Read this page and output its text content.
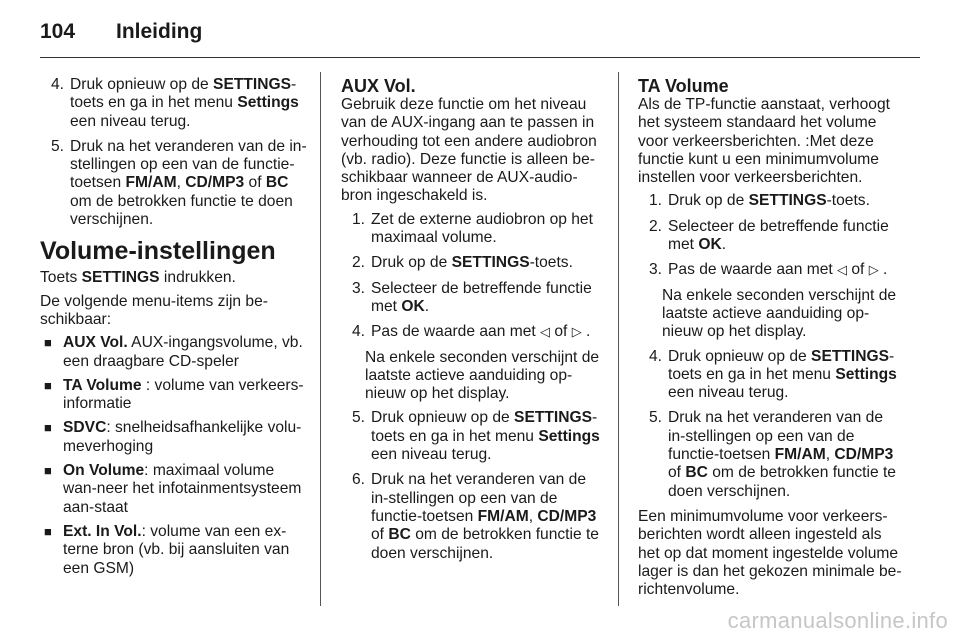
104 Inleiding
4. Druk opnieuw op de SETTINGS-toets en ga in het menu Settings een niveau terug.
5. Druk na het veranderen van de in-stellingen op een van de functie-toetsen FM/AM, CD/MP3 of BC om de betrokken functie te doen verschijnen.
Volume-instellingen
Toets SETTINGS indrukken.
De volgende menu-items zijn be-schikbaar:
■ AUX Vol. AUX-ingangsvolume, vb. een draagbare CD-speler
■ TA Volume : volume van verkeers-informatie
■ SDVC: snelheidsafhankelijke volu-meverhoging
■ On Volume: maximaal volume wan-neer het infotainmentsysteem aan-staat
■ Ext. In Vol.: volume van een ex-terne bron (vb. bij aansluiten van een GSM)
AUX Vol.
Gebruik deze functie om het niveau van de AUX-ingang aan te passen in verhouding tot een andere audiobron (vb. radio). Deze functie is alleen be-schikbaar wanneer de AUX-audio-bron ingeschakeld is.
1. Zet de externe audiobron op het maximaal volume.
2. Druk op de SETTINGS-toets.
3. Selecteer de betreffende functie met OK.
4. Pas de waarde aan met ◁ of ▷ .
Na enkele seconden verschijnt de laatste actieve aanduiding op-nieuw op het display.
5. Druk opnieuw op de SETTINGS-toets en ga in het menu Settings een niveau terug.
6. Druk na het veranderen van de in-stellingen op een van de functie-toetsen FM/AM, CD/MP3 of BC om de betrokken functie te doen verschijnen.
TA Volume
Als de TP-functie aanstaat, verhoogt het systeem standaard het volume voor verkeersberichten. :Met deze functie kunt u een minimumvolume instellen voor verkeersberichten.
1. Druk op de SETTINGS-toets.
2. Selecteer de betreffende functie met OK.
3. Pas de waarde aan met ◁ of ▷ .
Na enkele seconden verschijnt de laatste actieve aanduiding op-nieuw op het display.
4. Druk opnieuw op de SETTINGS-toets en ga in het menu Settings een niveau terug.
5. Druk na het veranderen van de in-stellingen op een van de functie-toetsen FM/AM, CD/MP3 of BC om de betrokken functie te doen verschijnen.
Een minimumvolume voor verkeers-berichten wordt alleen ingesteld als het op dat moment ingestelde volume lager is dan het gekozen minimale be-richtenvolume.
carmanualsonline.info
